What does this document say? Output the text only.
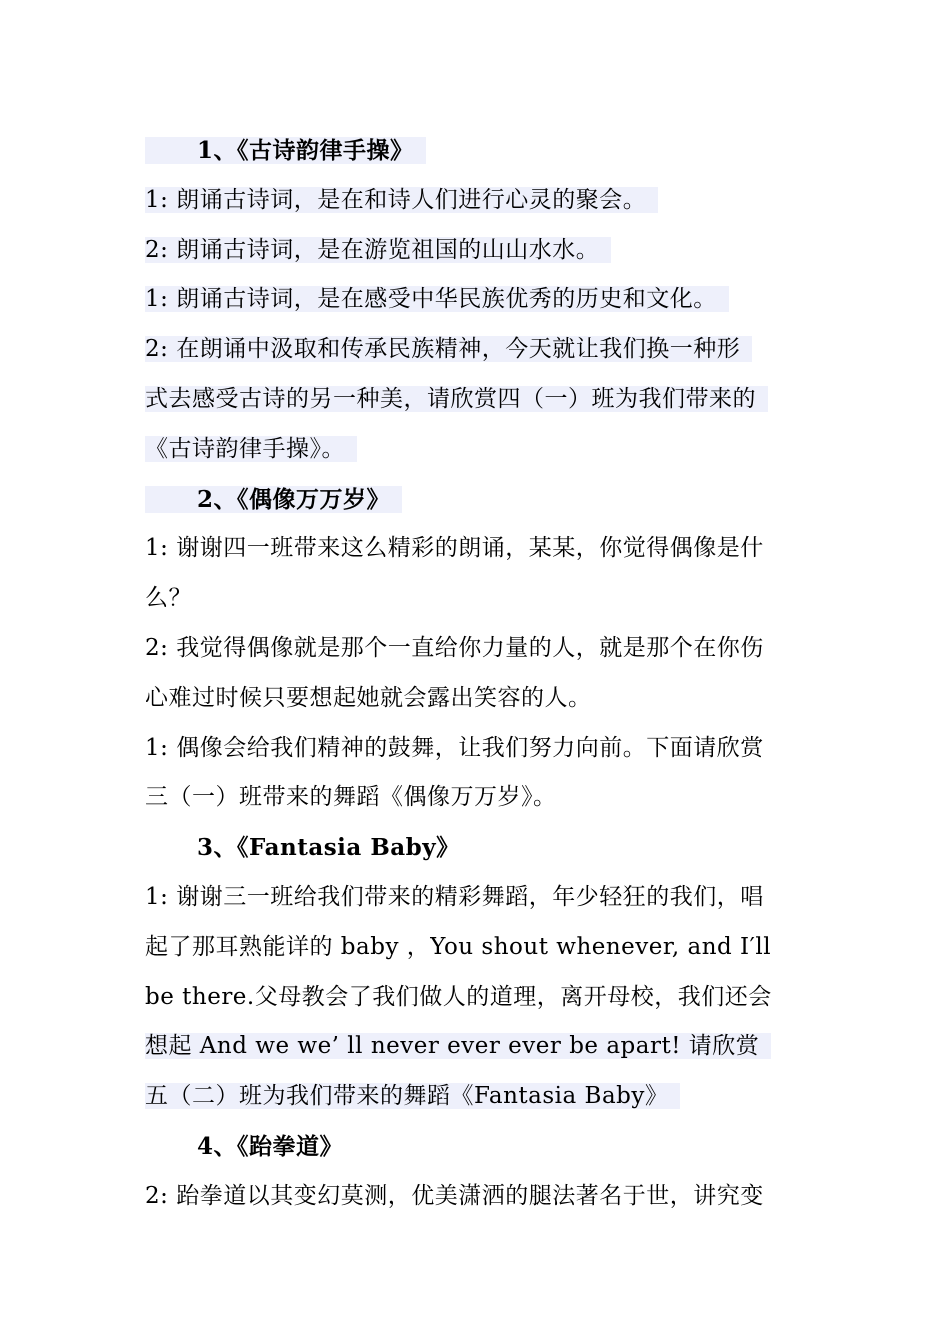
1、《古诗韵律手操》
1: 朗诵古诗词，是在和诗人们进行心灵的聚会。
2: 朗诵古诗词，是在游览祖国的山山水水。
1: 朗诵古诗词，是在感受中华民族优秀的历史和文化。
2: 在朗诵中汲取和传承民族精神，今天就让我们换一种形
式去感受古诗的另一种美，请欣赏四（一）班为我们带来的
《古诗韵律手操》。
2、《偶像万万岁》
1: 谢谢四一班带来这么精彩的朗诵，某某，你觉得偶像是什
么？
2: 我觉得偶像就是那个一直给你力量的人，就是那个在你伤
心难过时候只要想起她就会露出笑容的人。
1: 偶像会给我们精神的鼓舞，让我们努力向前。下面请欣赏
三（一）班带来的舞蹈《偶像万万岁》。
3、《Fantasia Baby》
1: 谢谢三一班给我们带来的精彩舞蹈，年少轻狂的我们，唱
起了那耳熟能详的 baby ，You shout whenever, and I′ll
be there.父母教会了我们做人的道理，离开母校，我们还会
想起 And we we’ ll never ever ever be apart! 请欣赏
五（二）班为我们带来的舞蹈《Fantasia Baby》
4、《跆拳道》
2: 跆拳道以其变幻莫测，优美潇洒的腿法著名于世，讲究变
